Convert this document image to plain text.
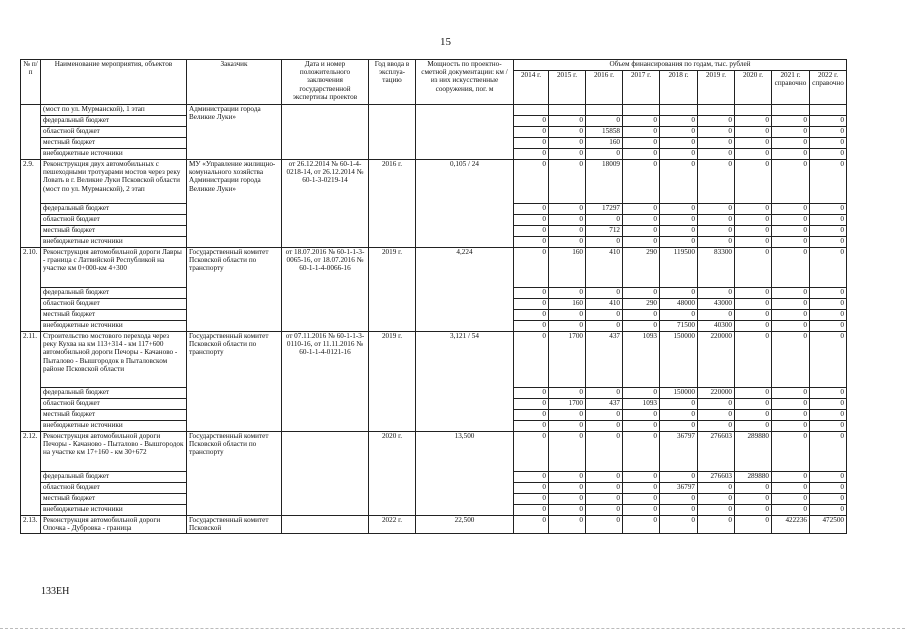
15
№ п/п	Наименование мероприятия, объектов	Заказчик	Дата и номер положительного заключения государственной экспертизы проектов	Год ввода в эксплуа-тацию	Мощность по проектно-сметной документации: км / из них искусственные сооружения, пог. м	Объем финансирования по годам, тыс. рублей								
						2014 г.	2015 г.	2016 г.	2017 г.	2018 г.	2019 г.	2020 г.	2021 г. справочно	2022 г. справочно
	(мост по ул. Мурманской), 1 этап	Администрации города Великие Луки»												
	федеральный бюджет					0	0	0	0	0	0	0	0	0
	областной бюджет					0	0	15858	0	0	0	0	0	0
	местный бюджет					0	0	160	0	0	0	0	0	0
	внебюджетные источники					0	0	0	0	0	0	0	0	0
2.9.	Реконструкция двух автомобильных с пешеходными тротуарами мостов через реку Ловать в г. Великие Луки Псковской области (мост по ул. Мурманской), 2 этап	МУ «Управление жилищно-комунального хозяйства Администрации города Великие Луки»	от 26.12.2014 № 60-1-4-0218-14, от 26.12.2014 № 60-1-3-0219-14	2016 г.	0,105 / 24	0	0	18009	0	0	0	0	0	0
	федеральный бюджет					0	0	17297	0	0	0	0	0	0
	областной бюджет					0	0	0	0	0	0	0	0	0
	местный бюджет					0	0	712	0	0	0	0	0	0
	внебюджетные источники					0	0	0	0	0	0	0	0	0
2.10.	Реконструкция автомобильной дороги Лавры - граница с Латвийской Республикой на участке км 0+000-км 4+300	Государственный комитет Псковской области по транспорту	от 18.07.2016 № 60-1-1-3-0065-16, от 18.07.2016 № 60-1-1-4-0066-16	2019 г.	4,224	0	160	410	290	119500	83300	0	0	0
	федеральный бюджет					0	0	0	0	0	0	0	0	0
	областной бюджет					0	160	410	290	48000	43000	0	0	0
	местный бюджет					0	0	0	0	0	0	0	0	0
	внебюджетные источники					0	0	0	0	71500	40300	0	0	0
2.11.	Строительство мостового перехода через реку Кухва на км 113+314 - км 117+600 автомобильной дороги Печоры - Качаново - Пыталово - Вышгородок в Пыталовском районе Псковской области	Государственный комитет Псковской области по транспорту	от 07.11.2016 № 60-1-1-3-0110-16, от 11.11.2016 № 60-1-1-4-0121-16	2019 г.	3,121 / 54	0	1700	437	1093	150000	220000	0	0	0
	федеральный бюджет					0	0	0	0	150000	220000	0	0	0
	областной бюджет					0	1700	437	1093	0	0	0	0	0
	местный бюджет					0	0	0	0	0	0	0	0	0
	внебюджетные источники					0	0	0	0	0	0	0	0	0
2.12.	Реконструкция автомобильной дороги Печоры - Качаново - Пыталово - Вышгородок на участке км 17+160 - км 30+672	Государственный комитет Псковской области по транспорту		2020 г.	13,500	0	0	0	0	36797	276603	289880	0	0
	федеральный бюджет					0	0	0	0	0	276603	289880	0	0
	областной бюджет					0	0	0	0	36797	0	0	0	0
	местный бюджет					0	0	0	0	0	0	0	0	0
	внебюджетные источники					0	0	0	0	0	0	0	0	0
2.13.	Реконструкция автомобильной дороги Опочка - Дубровка - граница	Государственный комитет Псковской		2022 г.	22,500	0	0	0	0	0	0	0	422236	472500
133EH
